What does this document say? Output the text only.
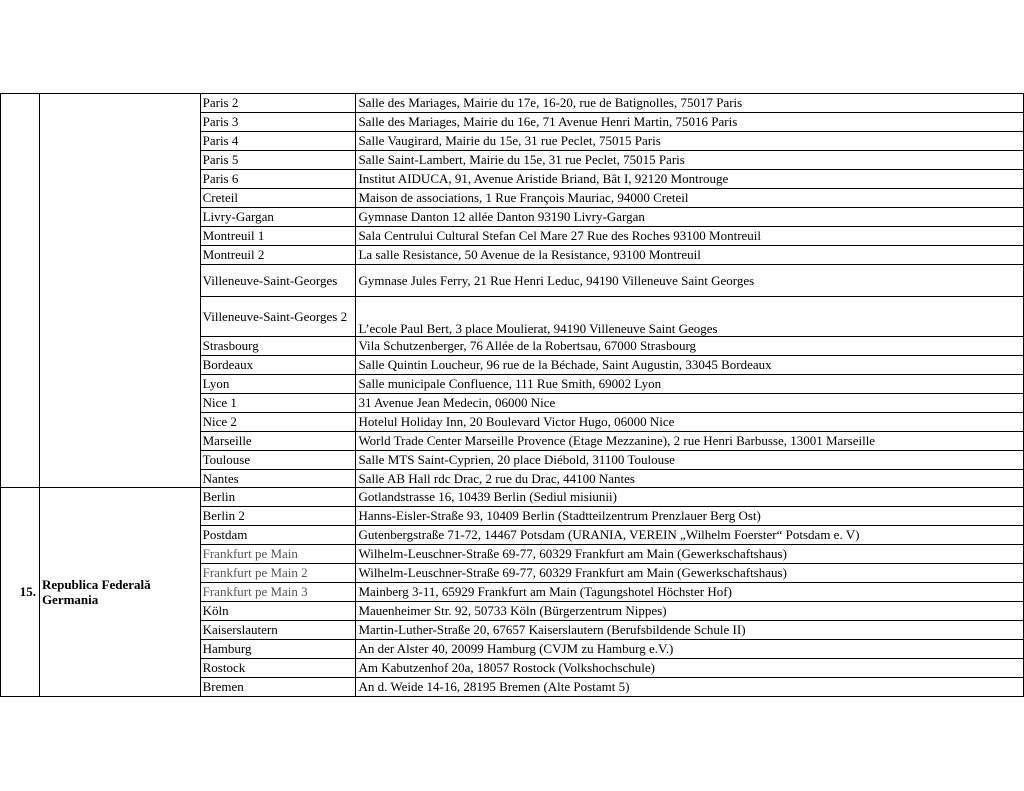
		Paris 2	Salle des Mariages, Mairie du 17e, 16-20, rue de Batignolles, 75017 Paris
		Paris 3	Salle des Mariages, Mairie du 16e, 71 Avenue Henri Martin, 75016 Paris
		Paris 4	Salle Vaugirard, Mairie du 15e, 31 rue Peclet, 75015 Paris
		Paris 5	Salle Saint-Lambert, Mairie du 15e, 31 rue Peclet, 75015 Paris
		Paris 6	Institut AIDUCA, 91, Avenue Aristide Briand, Bât I, 92120 Montrouge
		Creteil	Maison de associations, 1 Rue François Mauriac, 94000 Creteil
		Livry-Gargan	Gymnase Danton 12 allée Danton 93190 Livry-Gargan
		Montreuil 1	Sala Centrului Cultural Stefan Cel Mare 27 Rue des Roches 93100 Montreuil
		Montreuil 2	La salle Resistance, 50 Avenue de la Resistance, 93100 Montreuil
		Villeneuve-Saint-Georges	Gymnase Jules Ferry, 21 Rue Henri Leduc, 94190 Villeneuve Saint Georges
		Villeneuve-Saint-Georges 2	L’ecole Paul Bert, 3 place Moulierat, 94190 Villeneuve Saint Geoges
		Strasbourg	Vila Schutzenberger, 76 Allée de la Robertsau, 67000 Strasbourg
		Bordeaux	Salle Quintin Loucheur, 96 rue de la Béchade, Saint Augustin, 33045 Bordeaux
		Lyon	Salle municipale Confluence, 111 Rue Smith, 69002 Lyon
		Nice 1	31 Avenue Jean Medecin, 06000 Nice
		Nice 2	Hotelul Holiday Inn, 20 Boulevard Victor Hugo, 06000 Nice
		Marseille	World Trade Center Marseille Provence (Etage Mezzanine), 2 rue Henri Barbusse, 13001 Marseille
		Toulouse	Salle MTS Saint-Cyprien, 20 place Diébold, 31100 Toulouse
		Nantes	Salle AB Hall rdc Drac, 2 rue du Drac, 44100 Nantes
15.	Republica Federală Germania	Berlin	Gotlandstrasse 16, 10439 Berlin (Sediul misiunii)
		Berlin 2	Hanns-Eisler-Straße 93, 10409 Berlin (Stadtteilzentrum Prenzlauer Berg Ost)
		Postdam	Gutenbergstraße 71-72, 14467 Potsdam (URANIA, VEREIN „Wilhelm Foerster“ Potsdam e. V)
		Frankfurt pe Main	Wilhelm-Leuschner-Straße 69-77, 60329 Frankfurt am Main (Gewerkschaftshaus)
		Frankfurt pe Main 2	Wilhelm-Leuschner-Straße 69-77, 60329 Frankfurt am Main (Gewerkschaftshaus)
		Frankfurt pe Main 3	Mainberg 3-11, 65929 Frankfurt am Main (Tagungshotel Höchster Hof)
		Köln	Mauenheimer Str. 92, 50733 Köln (Bürgerzentrum Nippes)
		Kaiserslautern	Martin-Luther-Straße 20, 67657 Kaiserslautern (Berufsbildende Schule II)
		Hamburg	An der Alster 40, 20099 Hamburg (CVJM zu Hamburg e.V.)
		Rostock	Am Kabutzenhof 20a, 18057 Rostock (Volkshochschule)
		Bremen	An d. Weide 14-16, 28195 Bremen (Alte Postamt 5)
